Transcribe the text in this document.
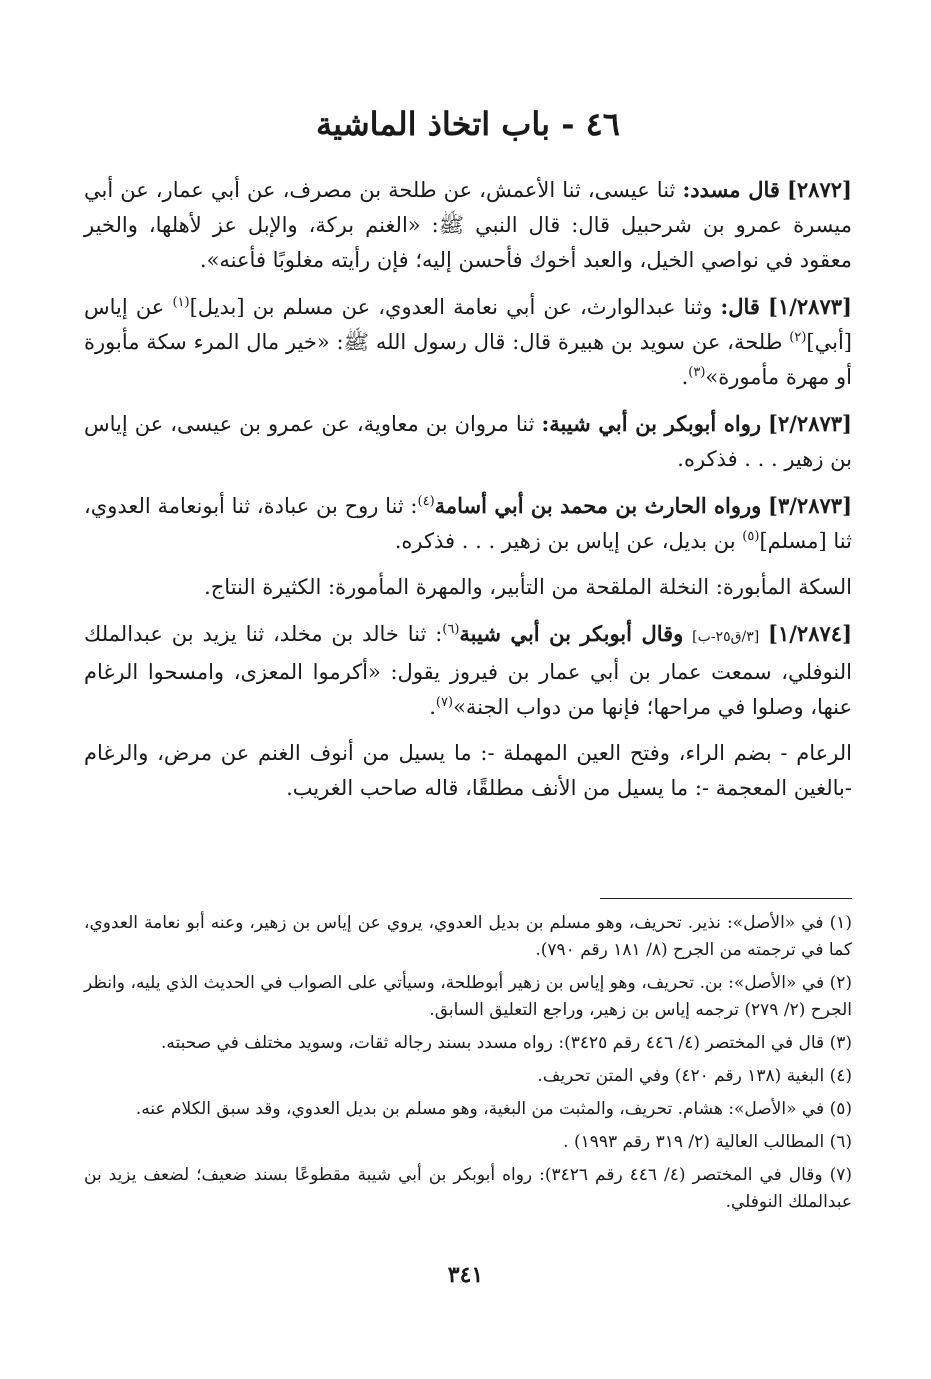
٤٦ - باب اتخاذ الماشية

[٢٨٧٢] قال مسدد: ثنا عيسى، ثنا الأعمش، عن طلحة بن مصرف، عن أبي عمار، عن أبي ميسرة عمرو بن شرحبيل قال: قال النبي ﷺ: «الغنم بركة، والإبل عز لأهلها، والخير معقود في نواصي الخيل، والعبد أخوك فأحسن إليه؛ فإن رأيته مغلوبًا فأعنه».

[١/٢٨٧٣] قال: وثنا عبدالوارث، عن أبي نعامة العدوي، عن مسلم بن [بديل]$^{(١)}$ عن إياس [أبي]$^{(٢)}$ طلحة، عن سويد بن هبيرة قال: قال رسول الله ﷺ: «خير مال المرء سكة مأبورة أو مهرة مأمورة»$^{(٣)}$.

[٢/٢٨٧٣] رواه أبوبكر بن أبي شيبة: ثنا مروان بن معاوية، عن عمرو بن عيسى، عن إياس بن زهير . . . فذكره.

[٣/٢٨٧٣] ورواه الحارث بن محمد بن أبي أسامة$^{(٤)}$: ثنا روح بن عبادة، ثنا أبونعامة العدوي، ثنا [مسلم]$^{(٥)}$ بن بديل، عن إياس بن زهير . . . فذكره.

السكة المأبورة: النخلة الملقحة من التأبير، والمهرة المأمورة: الكثيرة النتاج.

[١/٢٨٧٤] [٣/ق٢٥-ب] وقال أبوبكر بن أبي شيبة$^{(٦)}$: ثنا خالد بن مخلد، ثنا يزيد بن عبدالملك النوفلي، سمعت عمار بن أبي عمار بن فيروز يقول: «أكرموا المعزى، وامسحوا الرغام عنها، وصلوا في مراحها؛ فإنها من دواب الجنة»$^{(٧)}$.

الرعام - بضم الراء، وفتح العين المهملة -: ما يسيل من أنوف الغنم عن مرض، والرغام -بالغين المعجمة -: ما يسيل من الأنف مطلقًا، قاله صاحب الغريب.

(١) في «الأصل»: نذير. تحريف، وهو مسلم بن بديل العدوي، يروي عن إياس بن زهير، وعنه أبو نعامة العدوي، كما في ترجمته من الجرح (٨/ ١٨١ رقم ٧٩٠).

(٢) في «الأصل»: بن. تحريف، وهو إياس بن زهير أبوطلحة، وسيأتي على الصواب في الحديث الذي يليه، وانظر الجرح (٢/ ٢٧٩) ترجمه إياس بن زهير، وراجع التعليق السابق.

(٣) قال في المختصر (٤/ ٤٤٦ رقم ٣٤٢٥): رواه مسدد بسند رجاله ثقات، وسويد مختلف في صحبته.

(٤) البغية (١٣٨ رقم ٤٢٠) وفي المتن تحريف.

(٥) في «الأصل»: هشام. تحريف، والمثبت من البغية، وهو مسلم بن بديل العدوي، وقد سبق الكلام عنه.

(٦) المطالب العالية (٢/ ٣١٩ رقم ١٩٩٣) .

(٧) وقال في المختصر (٤/ ٤٤٦ رقم ٣٤٢٦): رواه أبوبكر بن أبي شيبة مقطوعًا بسند ضعيف؛ لضعف يزيد بن عبدالملك النوفلي.

٣٤١
